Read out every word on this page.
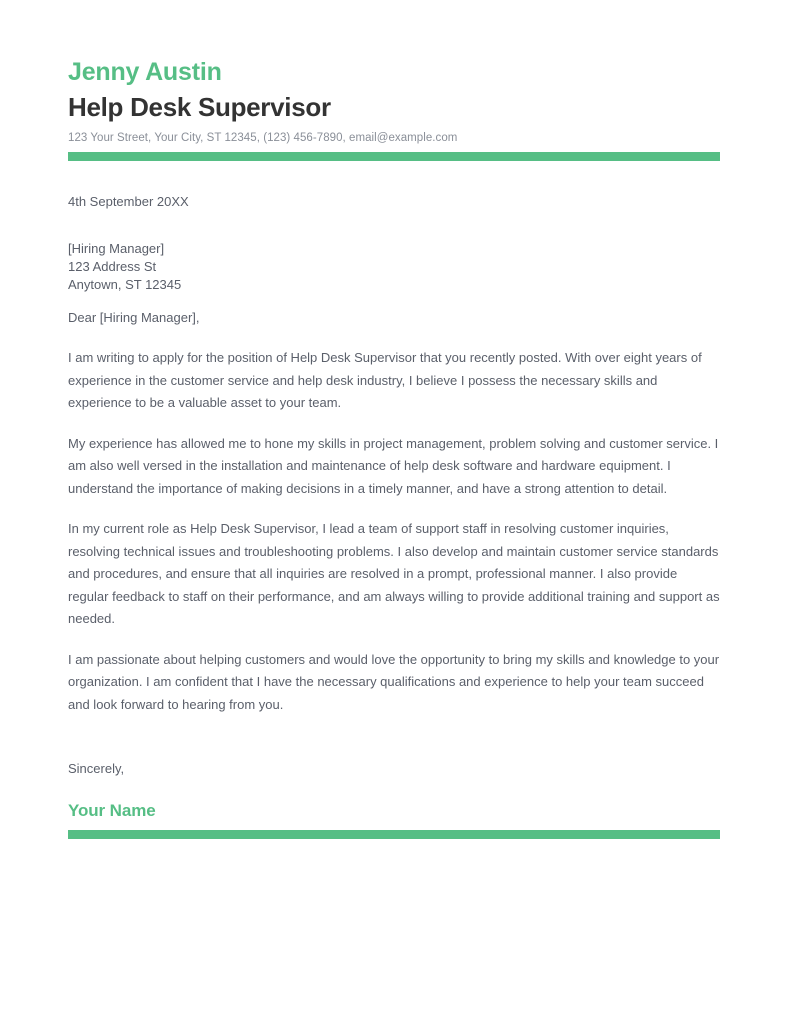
Jenny Austin
Help Desk Supervisor

123 Your Street, Your City, ST 12345, (123) 456-7890, email@example.com

4th September 20XX

[Hiring Manager]

123 Address St

Anytown, ST 12345

Dear [Hiring Manager],

I am writing to apply for the position of Help Desk Supervisor that you recently posted. With over eight years of experience in the customer service and help desk industry, I believe I possess the necessary skills and experience to be a valuable asset to your team.

My experience has allowed me to hone my skills in project management, problem solving and customer service. I am also well versed in the installation and maintenance of help desk software and hardware equipment. I understand the importance of making decisions in a timely manner, and have a strong attention to detail.

In my current role as Help Desk Supervisor, I lead a team of support staff in resolving customer inquiries, resolving technical issues and troubleshooting problems. I also develop and maintain customer service standards and procedures, and ensure that all inquiries are resolved in a prompt, professional manner. I also provide regular feedback to staff on their performance, and am always willing to provide additional training and support as needed.

I am passionate about helping customers and would love the opportunity to bring my skills and knowledge to your organization. I am confident that I have the necessary qualifications and experience to help your team succeed and look forward to hearing from you.

Sincerely,

Your Name
